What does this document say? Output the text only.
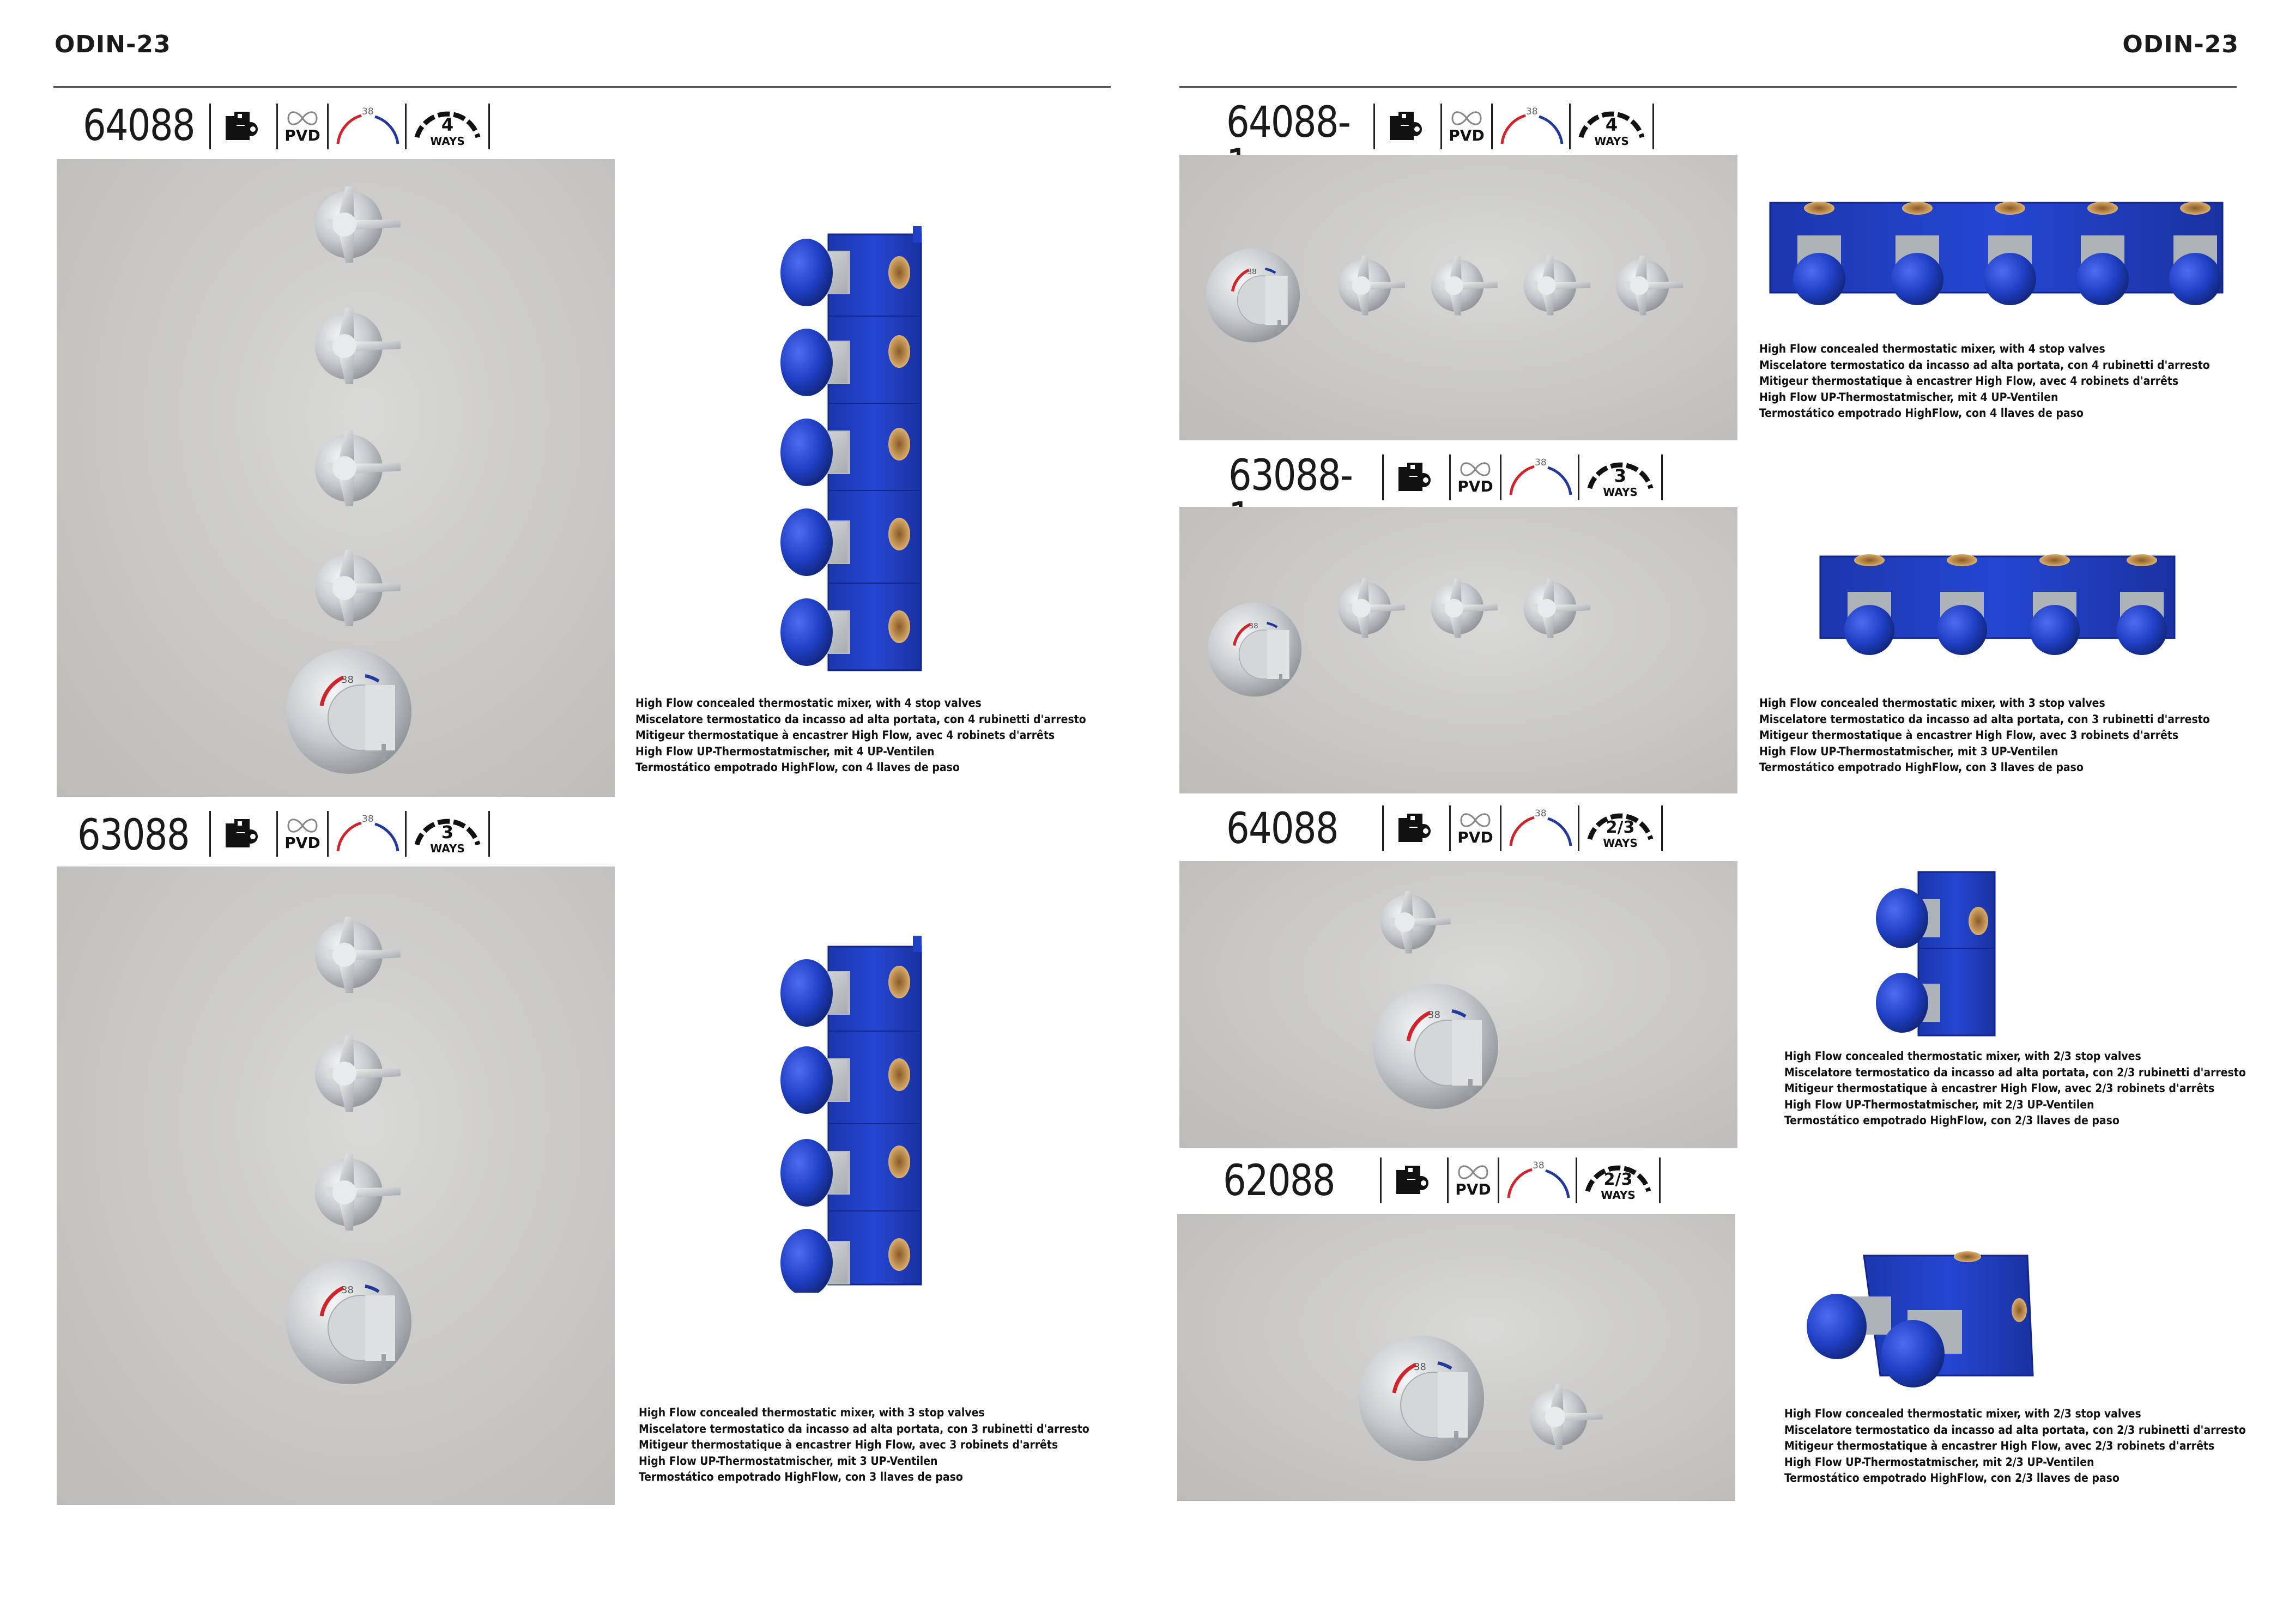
ODIN-23	ODIN-23
64088	PVD
38
4
WAYS
High Flow concealed thermostatic mixer, with 4 stop valves
Miscelatore termostatico da incasso ad alta portata, con 4 rubinetti d'arresto
Mitigeur thermostatique à encastrer High Flow, avec 4 robinets d'arrêts
High Flow UP-Thermostatmischer, mit 4 UP-Ventilen
Termostático empotrado HighFlow, con 4 llaves de paso
63088	PVD
38
3
WAYS
High Flow concealed thermostatic mixer, with 3 stop valves
Miscelatore termostatico da incasso ad alta portata, con 3 rubinetti d'arresto
Mitigeur thermostatique à encastrer High Flow, avec 3 robinets d'arrêts
High Flow UP-Thermostatmischer, mit 3 UP-Ventilen
Termostático empotrado HighFlow, con 3 llaves de paso
64088-	PVD
38
4
WAYS
High Flow concealed thermostatic mixer, with 4 stop valves
Miscelatore termostatico da incasso ad alta portata, con 4 rubinetti d'arresto
Mitigeur thermostatique à encastrer High Flow, avec 4 robinets d'arrêts
High Flow UP-Thermostatmischer, mit 4 UP-Ventilen
Termostático empotrado HighFlow, con 4 llaves de paso
63088-	PVD
38
3
WAYS
High Flow concealed thermostatic mixer, with 3 stop valves
Miscelatore termostatico da incasso ad alta portata, con 3 rubinetti d'arresto
Mitigeur thermostatique à encastrer High Flow, avec 3 robinets d'arrêts
High Flow UP-Thermostatmischer, mit 3 UP-Ventilen
Termostático empotrado HighFlow, con 3 llaves de paso
64088	PVD
38
2/3
WAYS
High Flow concealed thermostatic mixer, with 2/3 stop valves
Miscelatore termostatico da incasso ad alta portata, con 2/3 rubinetti d'arresto
Mitigeur thermostatique à encastrer High Flow, avec 2/3 robinets d'arrêts
High Flow UP-Thermostatmischer, mit 2/3 UP-Ventilen
Termostático empotrado HighFlow, con 2/3 llaves de paso
62088	PVD
38
2/3
WAYS
High Flow concealed thermostatic mixer, with 2/3 stop valves
Miscelatore termostatico da incasso ad alta portata, con 2/3 rubinetti d'arresto
Mitigeur thermostatique à encastrer High Flow, avec 2/3 robinets d'arrêts
High Flow UP-Thermostatmischer, mit 2/3 UP-Ventilen
Termostático empotrado HighFlow, con 2/3 llaves de paso
